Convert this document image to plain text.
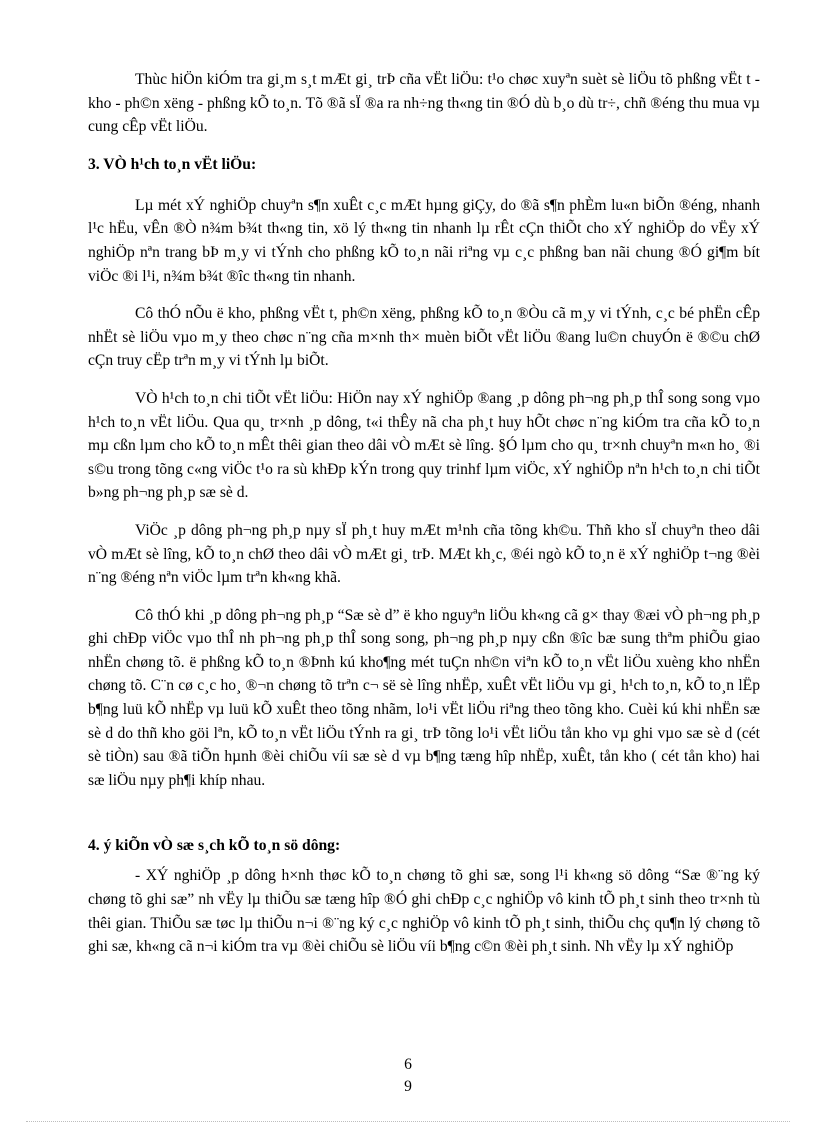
Thùc hiÖn kiÓm tra gi¸m s¸t mÆt gi¸ trÞ cña vËt liÖu: t¹o chøc xuyªn suèt sè liÖu tõ phßng vËt t - kho - ph©n xëng - phßng kÕ to¸n. Tõ ®ã sÏ ®a ra nh÷ng th«ng tin ®Ó dù b¸o dù tr÷, chñ ®éng thu mua vµ cung cÊp vËt liÖu.

3. VÒ h¹ch to¸n vËt liÖu:

Lµ mét xÝ nghiÖp chuyªn s¶n xuÊt c¸c mÆt hµng giÇy, do ®ã s¶n phÈm lu«n biÕn ®éng, nhanh l¹c hËu, vÊn ®Ò n¾m b¾t th«ng tin, xö lý th«ng tin nhanh lµ rÊt cÇn thiÕt cho xÝ nghiÖp do vËy xÝ nghiÖp nªn trang bÞ m¸y vi tÝnh cho phßng kÕ to¸n nãi riªng vµ c¸c phßng ban nãi chung ®Ó gi¶m bít viÖc ®i l¹i, n¾m b¾t ®îc th«ng tin nhanh.

Cô thÓ nÕu ë kho, phßng vËt t, ph©n xëng, phßng kÕ to¸n ®Òu cã m¸y vi tÝnh, c¸c bé phËn cÊp nhËt sè liÖu vµo m¸y theo chøc n¨ng cña m×nh th× muèn biÕt vËt liÖu ®ang lu©n chuyÓn ë ®©u chØ cÇn truy cËp trªn m¸y vi tÝnh lµ biÕt.

VÒ h¹ch to¸n chi tiÕt vËt liÖu: HiÖn nay xÝ nghiÖp ®ang ¸p dông ph¬ng ph¸p thÎ song song vµo h¹ch to¸n vËt liÖu. Qua qu¸ tr×nh ¸p dông, t«i thÊy nã cha ph¸t huy hÕt chøc n¨ng kiÓm tra cña kÕ to¸n mµ cßn lµm cho kÕ to¸n mÊt thêi gian theo dâi vÒ mÆt sè lîng. §Ó lµm cho qu¸ tr×nh chuyªn m«n ho¸ ®i s©u trong tõng c«ng viÖc t¹o ra sù khÐp kÝn trong quy trinhf lµm viÖc, xÝ nghiÖp nªn h¹ch to¸n chi tiÕt b»ng ph¬ng ph¸p sæ sè d.

ViÖc ¸p dông ph¬ng ph¸p nµy sÏ ph¸t huy mÆt m¹nh cña tõng kh©u. Thñ kho sÏ chuyªn theo dâi vÒ mÆt sè lîng, kÕ to¸n chØ theo dâi vÒ mÆt gi¸ trÞ. MÆt kh¸c, ®éi ngò kÕ to¸n ë xÝ nghiÖp t¬ng ®èi n¨ng ®éng nªn viÖc lµm trªn kh«ng khã.

Cô thÓ khi ¸p dông ph¬ng ph¸p “Sæ sè d” ë kho nguyªn liÖu kh«ng cã g× thay ®æi vÒ ph¬ng ph¸p ghi chÐp viÖc vµo thÎ nh ph¬ng ph¸p thÎ song song, ph¬ng ph¸p nµy cßn ®îc bæ sung thªm phiÕu giao nhËn chøng tõ. ë phßng kÕ to¸n ®Þnh kú kho¶ng mét tuÇn nh©n viªn kÕ to¸n vËt liÖu xuèng kho nhËn chøng tõ. C¨n cø c¸c ho¸ ®¬n chøng tõ trªn c¬ së sè lîng nhËp, xuÊt vËt liÖu vµ gi¸ h¹ch to¸n, kÕ to¸n lËp b¶ng luü kÕ nhËp vµ luü kÕ xuÊt theo tõng nhãm, lo¹i vËt liÖu riªng theo tõng kho. Cuèi kú khi nhËn sæ sè d do thñ kho göi lªn, kÕ to¸n vËt liÖu tÝnh ra gi¸ trÞ tõng lo¹i vËt liÖu tån kho vµ ghi vµo sæ sè d (cét sè tiÒn) sau ®ã tiÕn hµnh ®èi chiÕu víi sæ sè d vµ b¶ng tæng hîp nhËp, xuÊt, tån kho ( cét tån kho) hai sæ liÖu nµy ph¶i khíp nhau.

4. ý kiÕn vÒ sæ s¸ch kÕ to¸n sö dông:

- XÝ nghiÖp ¸p dông h×nh thøc kÕ to¸n chøng tõ ghi sæ, song l¹i kh«ng sö dông “Sæ ®¨ng ký chøng tõ ghi sæ” nh vËy lµ thiÕu sæ tæng hîp ®Ó ghi chÐp c¸c nghiÖp vô kinh tÕ ph¸t sinh theo tr×nh tù thêi gian. ThiÕu sæ tøc lµ thiÕu n¬i ®¨ng ký c¸c nghiÖp vô kinh tÕ ph¸t sinh, thiÕu chç qu¶n lý chøng tõ ghi sæ, kh«ng cã n¬i kiÓm tra vµ ®èi chiÕu sè liÖu víi b¶ng c©n ®èi ph¸t sinh. Nh vËy lµ xÝ nghiÖp

6
9
